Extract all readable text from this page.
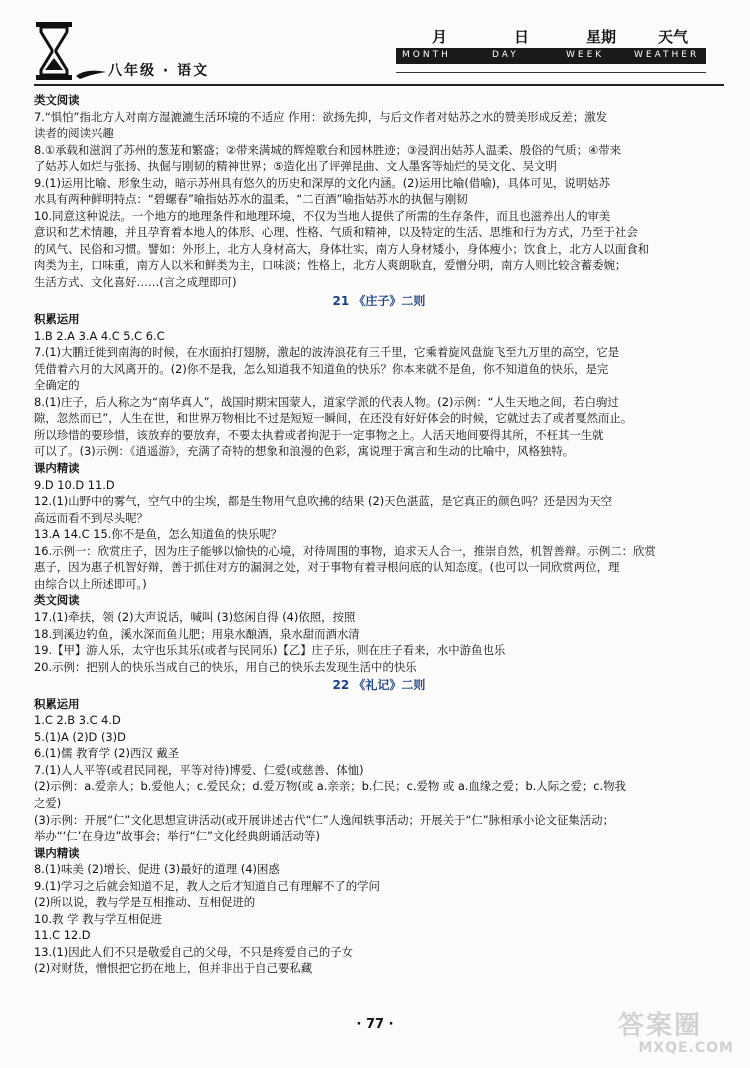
八年级 · 语文
月	日	星期	天气
MONTH	DAY	WEEK	WEATHER

类文阅读

7.“惧怕”指北方人对南方湿漉漉生活环境的不适应 作用：欲扬先抑，与后文作者对姑苏之水的赞美形成反差；激发

读者的阅读兴趣

8.①承载和滋润了苏州的葱茏和繁盛；②带来满城的辉煌歌台和园林胜迹；③浸润出姑苏人温柔、殷俗的气质；④带来

了姑苏人如烂与张扬、执倔与刚韧的精神世界；⑤造化出了评弹昆曲、文人墨客等灿烂的吴文化、吴文明

9.(1)运用比喻、形象生动，暗示苏州具有悠久的历史和深厚的文化内涵。(2)运用比喻(借喻)，具体可见，说明姑苏

水具有两种鲜明特点：“碧螺春”喻指姑苏水的温柔，“二百酒”喻指姑苏水的执倔与刚韧

10.同意这种说法。一个地方的地理条件和地理环境，不仅为当地人提供了所需的生存条件，而且也滋养出人的审美

意识和艺术情趣，并且孕育着本地人的体形、心理、性格、气质和精神，以及特定的生活、思维和行为方式，乃至于社会

的风气、民俗和习惯。譬如：外形上，北方人身材高大，身体壮实，南方人身材矮小，身体瘦小；饮食上，北方人以面食和

肉类为主，口味重，南方人以米和鲜类为主，口味淡；性格上，北方人爽朗耿直，爱憎分明，南方人则比较含蓄委婉；

生活方式、文化喜好……(言之成理即可)

21 《庄子》二则

积累运用

1.B 2.A 3.A 4.C 5.C 6.C

7.(1)大鹏迁徙到南海的时候，在水面拍打翅膀，激起的波涛浪花有三千里，它乘着旋风盘旋飞至九万里的高空，它是

凭借着六月的大风离开的。(2)你不是我，怎么知道我不知道鱼的快乐？你本来就不是鱼，你不知道鱼的快乐，是完

全确定的

8.(1)庄子，后人称之为“南华真人”，战国时期宋国蒙人，道家学派的代表人物。(2)示例：“人生天地之间，若白驹过

隙，忽然而已”，人生在世，和世界万物相比不过是短短一瞬间，在还没有好好体会的时候，它就过去了或者戛然而止。

所以珍惜的要珍惜，该放弃的要放弃，不要太执着或者拘泥于一定事物之上。人活天地间要得其所，不枉其一生就

可以了。(3)示例：《逍遥游》，充满了奇特的想象和浪漫的色彩，寓说理于寓言和生动的比喻中，风格独特。

课内精读

9.D 10.D 11.D

12.(1)山野中的雾气，空气中的尘埃，都是生物用气息吹拂的结果 (2)天色湛蓝，是它真正的颜色吗？还是因为天空

高远而看不到尽头呢？

13.A 14.C 15.你不是鱼，怎么知道鱼的快乐呢？

16.示例一：欣赏庄子，因为庄子能够以愉快的心境，对待周围的事物，追求天人合一，推崇自然，机智善辩。示例二：欣赏

惠子，因为惠子机智好辩，善于抓住对方的漏洞之处，对于事物有着寻根问底的认知态度。(也可以一同欣赏两位，理

由综合以上所述即可。)

类文阅读

17.(1)牵扶，领 (2)大声说话，喊叫 (3)悠闲自得 (4)依照，按照

18.到溪边钓鱼，溪水深而鱼儿肥；用泉水酿酒，泉水甜而酒水清

19.【甲】游人乐，太守也乐其乐(或者与民同乐)【乙】庄子乐，则在庄子看来，水中游鱼也乐

20.示例：把别人的快乐当成自己的快乐，用自己的快乐去发现生活中的快乐

22 《礼记》二则

积累运用

1.C 2.B 3.C 4.D

5.(1)A (2)D (3)D

6.(1)儒 教育学 (2)西汉 戴圣

7.(1)人人平等(或君民同视，平等对待)博爱、仁爱(或慈善、体恤)

(2)示例：a.爱亲人；b.爱他人；c.爱民众；d.爱万物(或 a.亲亲；b.仁民；c.爱物 或 a.血缘之爱；b.人际之爱；c.物我

之爱)

(3)示例：开展“仁”文化思想宣讲活动(或开展讲述古代“仁”人逸闻轶事活动；开展关于“仁”脉相承小论文征集活动；

举办“‘仁’在身边”故事会；举行“仁”文化经典朗诵活动等)

课内精读

8.(1)味美 (2)增长、促进 (3)最好的道理 (4)困惑

9.(1)学习之后就会知道不足，教人之后才知道自己有理解不了的学问

(2)所以说，教与学是互相推动、互相促进的

10.教 学 教与学互相促进

11.C 12.D

13.(1)因此人们不只是敬爱自己的父母，不只是疼爱自己的子女

(2)对财货，憎恨把它扔在地上，但并非出于自己要私藏

· 77 ·	答案圈
MXQE.COM
